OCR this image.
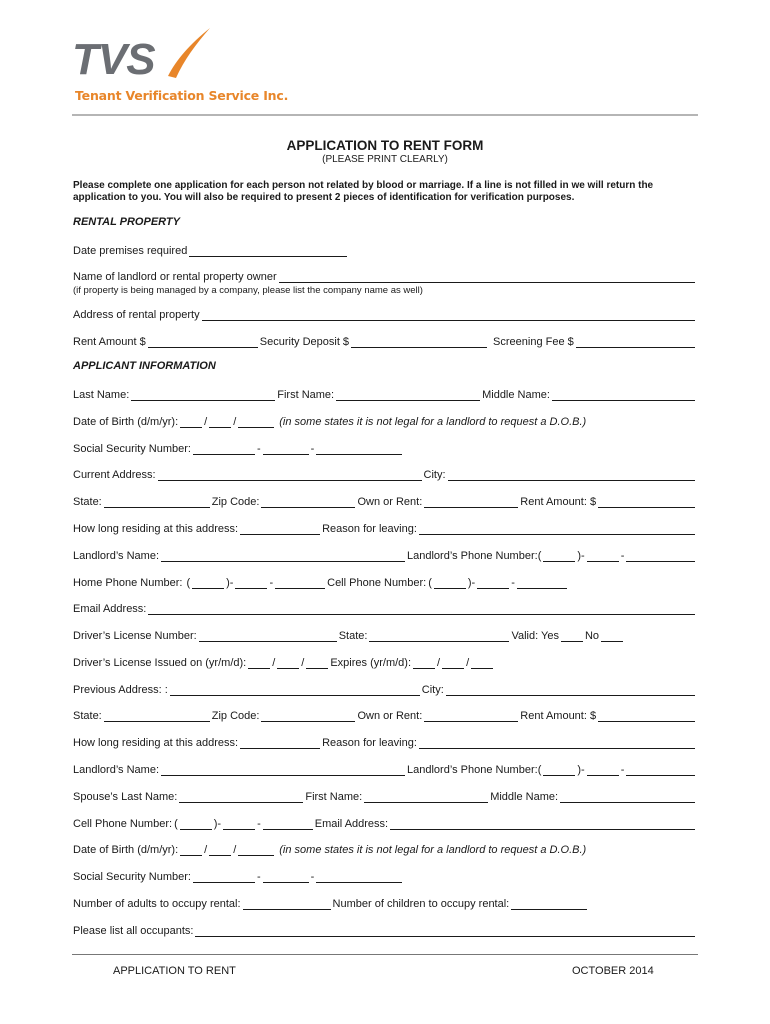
TVS
Tenant Verification Service Inc.
APPLICATION TO RENT FORM
(PLEASE PRINT CLEARLY)
Please complete one application for each person not related by blood or marriage. If a line is not filled in we will return the application to you. You will also be required to present 2 pieces of identification for verification purposes.
RENTAL PROPERTY
Date premises required
Name of landlord or rental property owner
(if property is being managed by a company, please list the company name as well)
Address of rental property
Rent Amount $	Security Deposit $	Screening Fee $
APPLICANT INFORMATION
Last Name:	First Name:	Middle Name:
Date of Birth (d/m/yr): / /	(in some states it is not legal for a landlord to request a D.O.B.)
Social Security Number:	-	-
Current Address:	City:
State:	Zip Code:	Own or Rent:	Rent Amount: $
How long residing at this address:	Reason for leaving:
Landlord’s Name:	Landlord’s Phone Number: (	)-	-
Home Phone Number: (	)-	-	Cell Phone Number: (	)-	-
Email Address:
Driver’s License Number:	State:	Valid: Yes No
Driver’s License Issued on (yr/m/d): / / Expires (yr/m/d): / /
Previous Address: :	City:
State:	Zip Code:	Own or Rent:	Rent Amount: $
How long residing at this address:	Reason for leaving:
Landlord’s Name:	Landlord’s Phone Number: (	)-	-
Spouse’s Last Name:	First Name:	Middle Name:
Cell Phone Number: (	)-	-	Email Address:
Date of Birth (d/m/yr): / /	(in some states it is not legal for a landlord to request a D.O.B.)
Social Security Number:	-	-
Number of adults to occupy rental:	Number of children to occupy rental:
Please list all occupants:
APPLICATION TO RENT	OCTOBER 2014
